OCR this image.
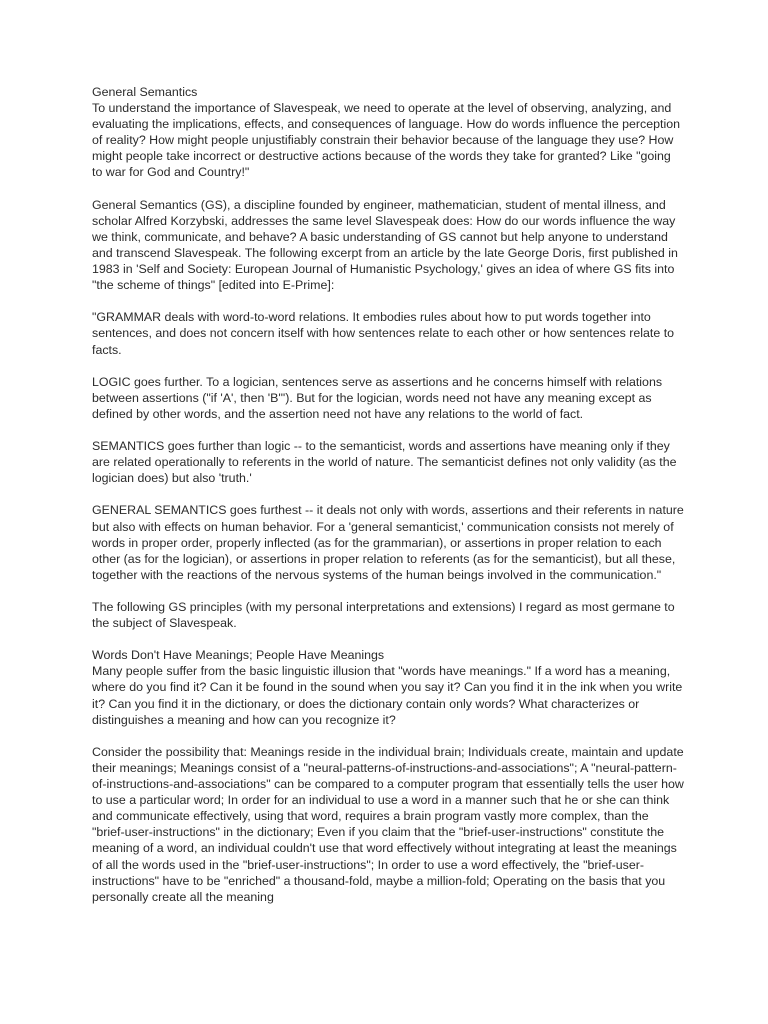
General Semantics
To understand the importance of Slavespeak, we need to operate at the level of observing, analyzing, and evaluating the implications, effects, and consequences of language. How do words influence the perception of reality? How might people unjustifiably constrain their behavior because of the language they use? How might people take incorrect or destructive actions because of the words they take for granted? Like "going to war for God and Country!"

General Semantics (GS), a discipline founded by engineer, mathematician, student of mental illness, and scholar Alfred Korzybski, addresses the same level Slavespeak does: How do our words influence the way we think, communicate, and behave? A basic understanding of GS cannot but help anyone to understand and transcend Slavespeak. The following excerpt from an article by the late George Doris, first published in 1983 in 'Self and Society: European Journal of Humanistic Psychology,' gives an idea of where GS fits into "the scheme of things" [edited into E-Prime]:

"GRAMMAR deals with word-to-word relations. It embodies rules about how to put words together into sentences, and does not concern itself with how sentences relate to each other or how sentences relate to facts.

LOGIC goes further. To a logician, sentences serve as assertions and he concerns himself with relations between assertions ("if 'A', then 'B'"). But for the logician, words need not have any meaning except as defined by other words, and the assertion need not have any relations to the world of fact.

SEMANTICS goes further than logic -- to the semanticist, words and assertions have meaning only if they are related operationally to referents in the world of nature. The semanticist defines not only validity (as the logician does) but also 'truth.'

GENERAL SEMANTICS goes furthest -- it deals not only with words, assertions and their referents in nature but also with effects on human behavior. For a 'general semanticist,' communication consists not merely of words in proper order, properly inflected (as for the grammarian), or assertions in proper relation to each other (as for the logician), or assertions in proper relation to referents (as for the semanticist), but all these, together with the reactions of the nervous systems of the human beings involved in the communication."

The following GS principles (with my personal interpretations and extensions) I regard as most germane to the subject of Slavespeak.

Words Don't Have Meanings; People Have Meanings
Many people suffer from the basic linguistic illusion that "words have meanings." If a word has a meaning, where do you find it? Can it be found in the sound when you say it? Can you find it in the ink when you write it? Can you find it in the dictionary, or does the dictionary contain only words? What characterizes or distinguishes a meaning and how can you recognize it?

Consider the possibility that: Meanings reside in the individual brain; Individuals create, maintain and update their meanings; Meanings consist of a "neural-patterns-of-instructions-and-associations"; A "neural-pattern-of-instructions-and-associations" can be compared to a computer program that essentially tells the user how to use a particular word; In order for an individual to use a word in a manner such that he or she can think and communicate effectively, using that word, requires a brain program vastly more complex, than the "brief-user-instructions" in the dictionary; Even if you claim that the "brief-user-instructions" constitute the meaning of a word, an individual couldn't use that word effectively without integrating at least the meanings of all the words used in the "brief-user-instructions"; In order to use a word effectively, the "brief-user-instructions" have to be "enriched" a thousand-fold, maybe a million-fold; Operating on the basis that you personally create all the meaning
